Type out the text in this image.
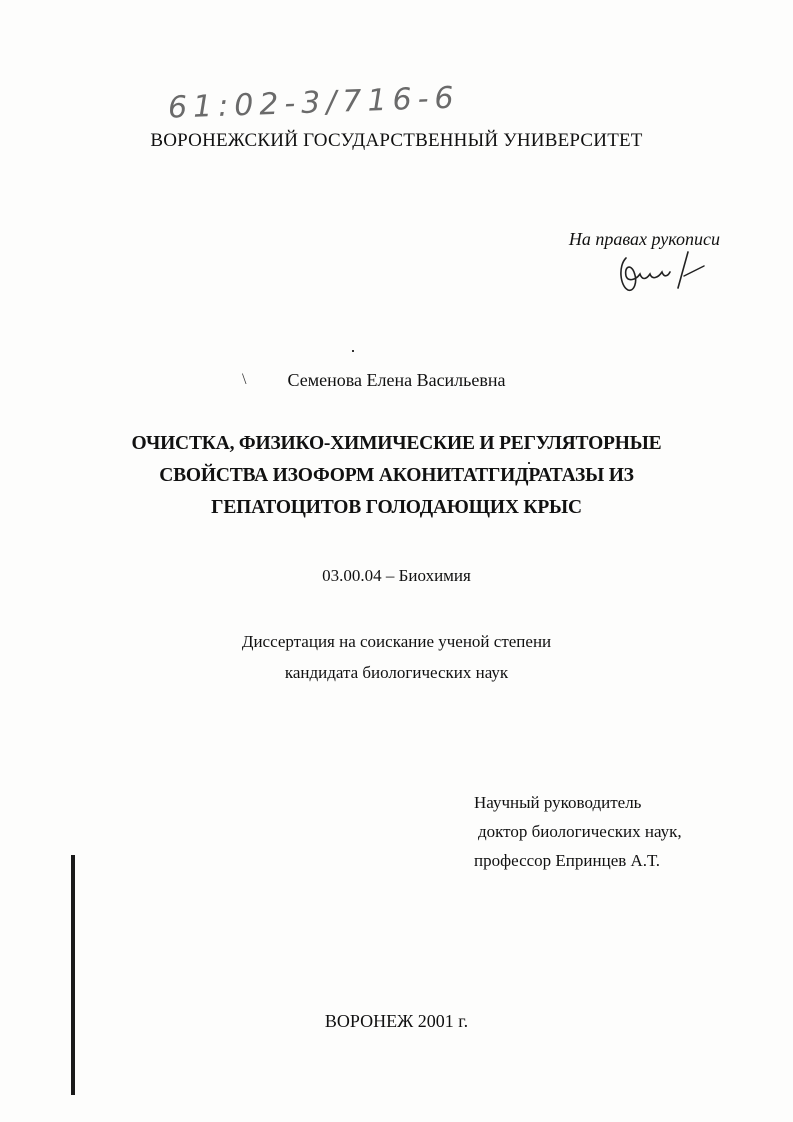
61:02-3/716-6
ВОРОНЕЖСКИЙ ГОСУДАРСТВЕННЫЙ УНИВЕРСИТЕТ
На правах рукописи
\	Семенова Елена Васильевна
ОЧИСТКА, ФИЗИКО-ХИМИЧЕСКИЕ И РЕГУЛЯТОРНЫЕ
СВОЙСТВА ИЗОФОРМ АКОНИТАТГИДРАТАЗЫ ИЗ
ГЕПАТОЦИТОВ ГОЛОДАЮЩИХ КРЫС
03.00.04 – Биохимия
Диссертация на соискание ученой степени
кандидата биологических наук
Научный руководитель
доктор биологических наук,
профессор Епринцев А.Т.
ВОРОНЕЖ 2001 г.
